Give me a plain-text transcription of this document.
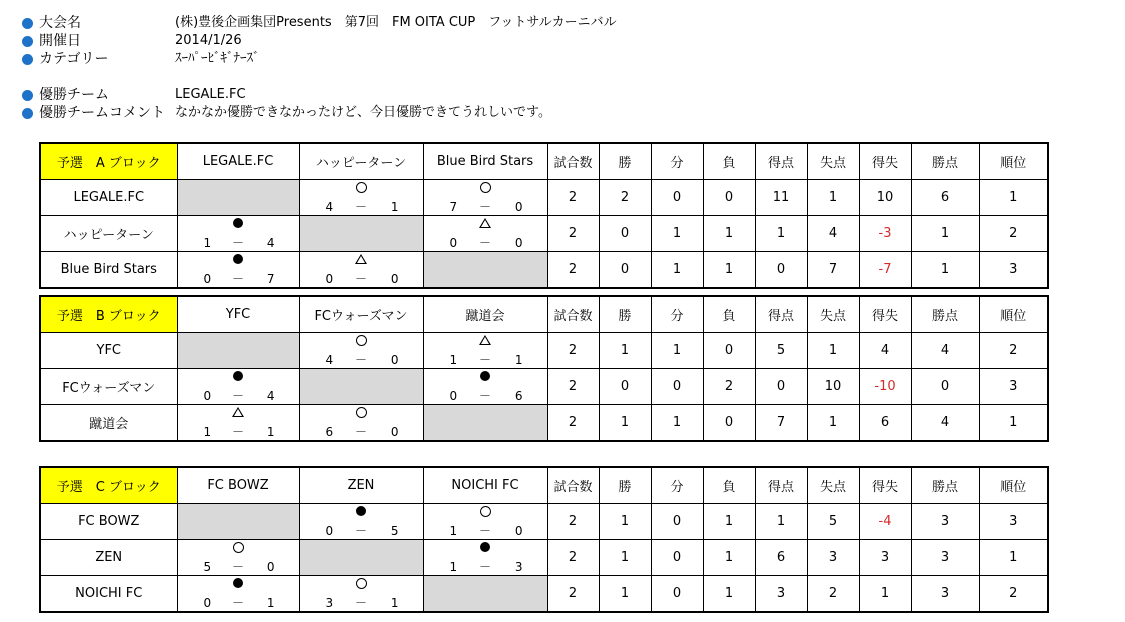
大会名	(株)豊後企画集団Presents　第7回　FM OITA CUP　フットサルカーニバル
開催日	2014/1/26
カテゴリー	ｽｰﾊﾟｰﾋﾞｷﾞﾅｰｽﾞ
優勝チーム	LEGALE.FC
優勝チームコメント なかなか優勝できなかったけど、今日優勝できてうれしいです。
予選　A ブロック	LEGALE.FC	ハッピーターン	Blue Bird Stars	試合数	勝	分	負	得点	失点	得失	勝点	順位
LEGALE.FC		4 － 1	7 － 0	2	2	0	0	11	1	10	6	1
ハッピーターン	1 － 4		0 － 0	2	0	1	1	1	4	-3	1	2
Blue Bird Stars	0 － 7	0 － 0		2	0	1	1	0	7	-7	1	3
予選　B ブロック	YFC	FCウォーズマン	蹴道会	試合数	勝	分	負	得点	失点	得失	勝点	順位
YFC		4 － 0	1 － 1	2	1	1	0	5	1	4	4	2
FCウォーズマン	0 － 4		0 － 6	2	0	0	2	0	10	-10	0	3
蹴道会	1 － 1	6 － 0		2	1	1	0	7	1	6	4	1
予選　C ブロック	FC BOWZ	ZEN	NOICHI FC	試合数	勝	分	負	得点	失点	得失	勝点	順位
FC BOWZ		0 － 5	1 － 0	2	1	0	1	1	5	-4	3	3
ZEN	5 － 0		1 － 3	2	1	0	1	6	3	3	3	1
NOICHI FC	0 － 1	3 － 1		2	1	0	1	3	2	1	3	2
